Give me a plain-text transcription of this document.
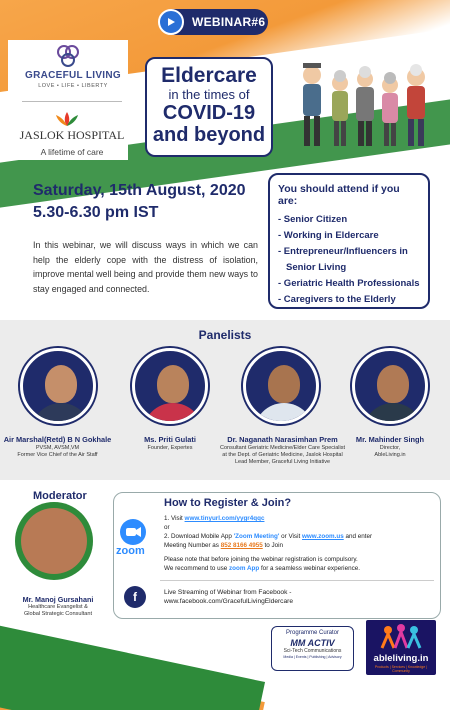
WEBINAR#6
GRACEFUL LIVING
LOVE • LIFE • LIBERTY
JASLOK HOSPITAL
A lifetime of care
Eldercare
in the times of
COVID-19
and beyond
Saturday, 15th August, 2020
5.30-6.30 pm IST
In this webinar, we will discuss ways in which we can help the elderly cope with the distress of isolation, improve mental well being and provide them new ways to stay engaged and connected.
You should attend if you are:
- Senior Citizen
- Working in Eldercare
- Entrepreneur/Influencers in
Senior Living
- Geriatric Health Professionals
- Caregivers to the Elderly
Panelists
Air Marshal(Retd) B N Gokhale
PVSM, AVSM,VM
Former Vice Chief of the Air Staff
Ms. Priti Gulati
Founder, Expertes
Dr. Naganath Narasimhan Prem
Consultant Geriatric Medicine/Elder Care Specialist
at the Dept. of Geriatric Medicine, Jaslok Hospital
Lead Member, Graceful Living Initiative
Mr. Mahinder Singh
Director,
AbleLiving.in
Moderator
Mr. Manoj Gursahani
Healthcare Evangelist &
Global Strategic Consultant
How to Register & Join?
zoom
1. Visit www.tinyurl.com/yygr4qqc
or
2. Download Mobile App 'Zoom Meeting' or Visit www.zoom.us and enter
Meeting Number as 852 8166 4955 to Join
Please note that before joining the webinar registration is compulsory.
We recommend to use zoom App for a seamless webinar experience.
f	Live Streaming of Webinar from Facebook -
www.facebook.com/GracefulLivingEldercare
Programme Curator
MM ACTIV
Sci-Tech Communications
Media | Events | Publishing | Advisory	ableliving.in
Products | Services | Knowledge | Community
